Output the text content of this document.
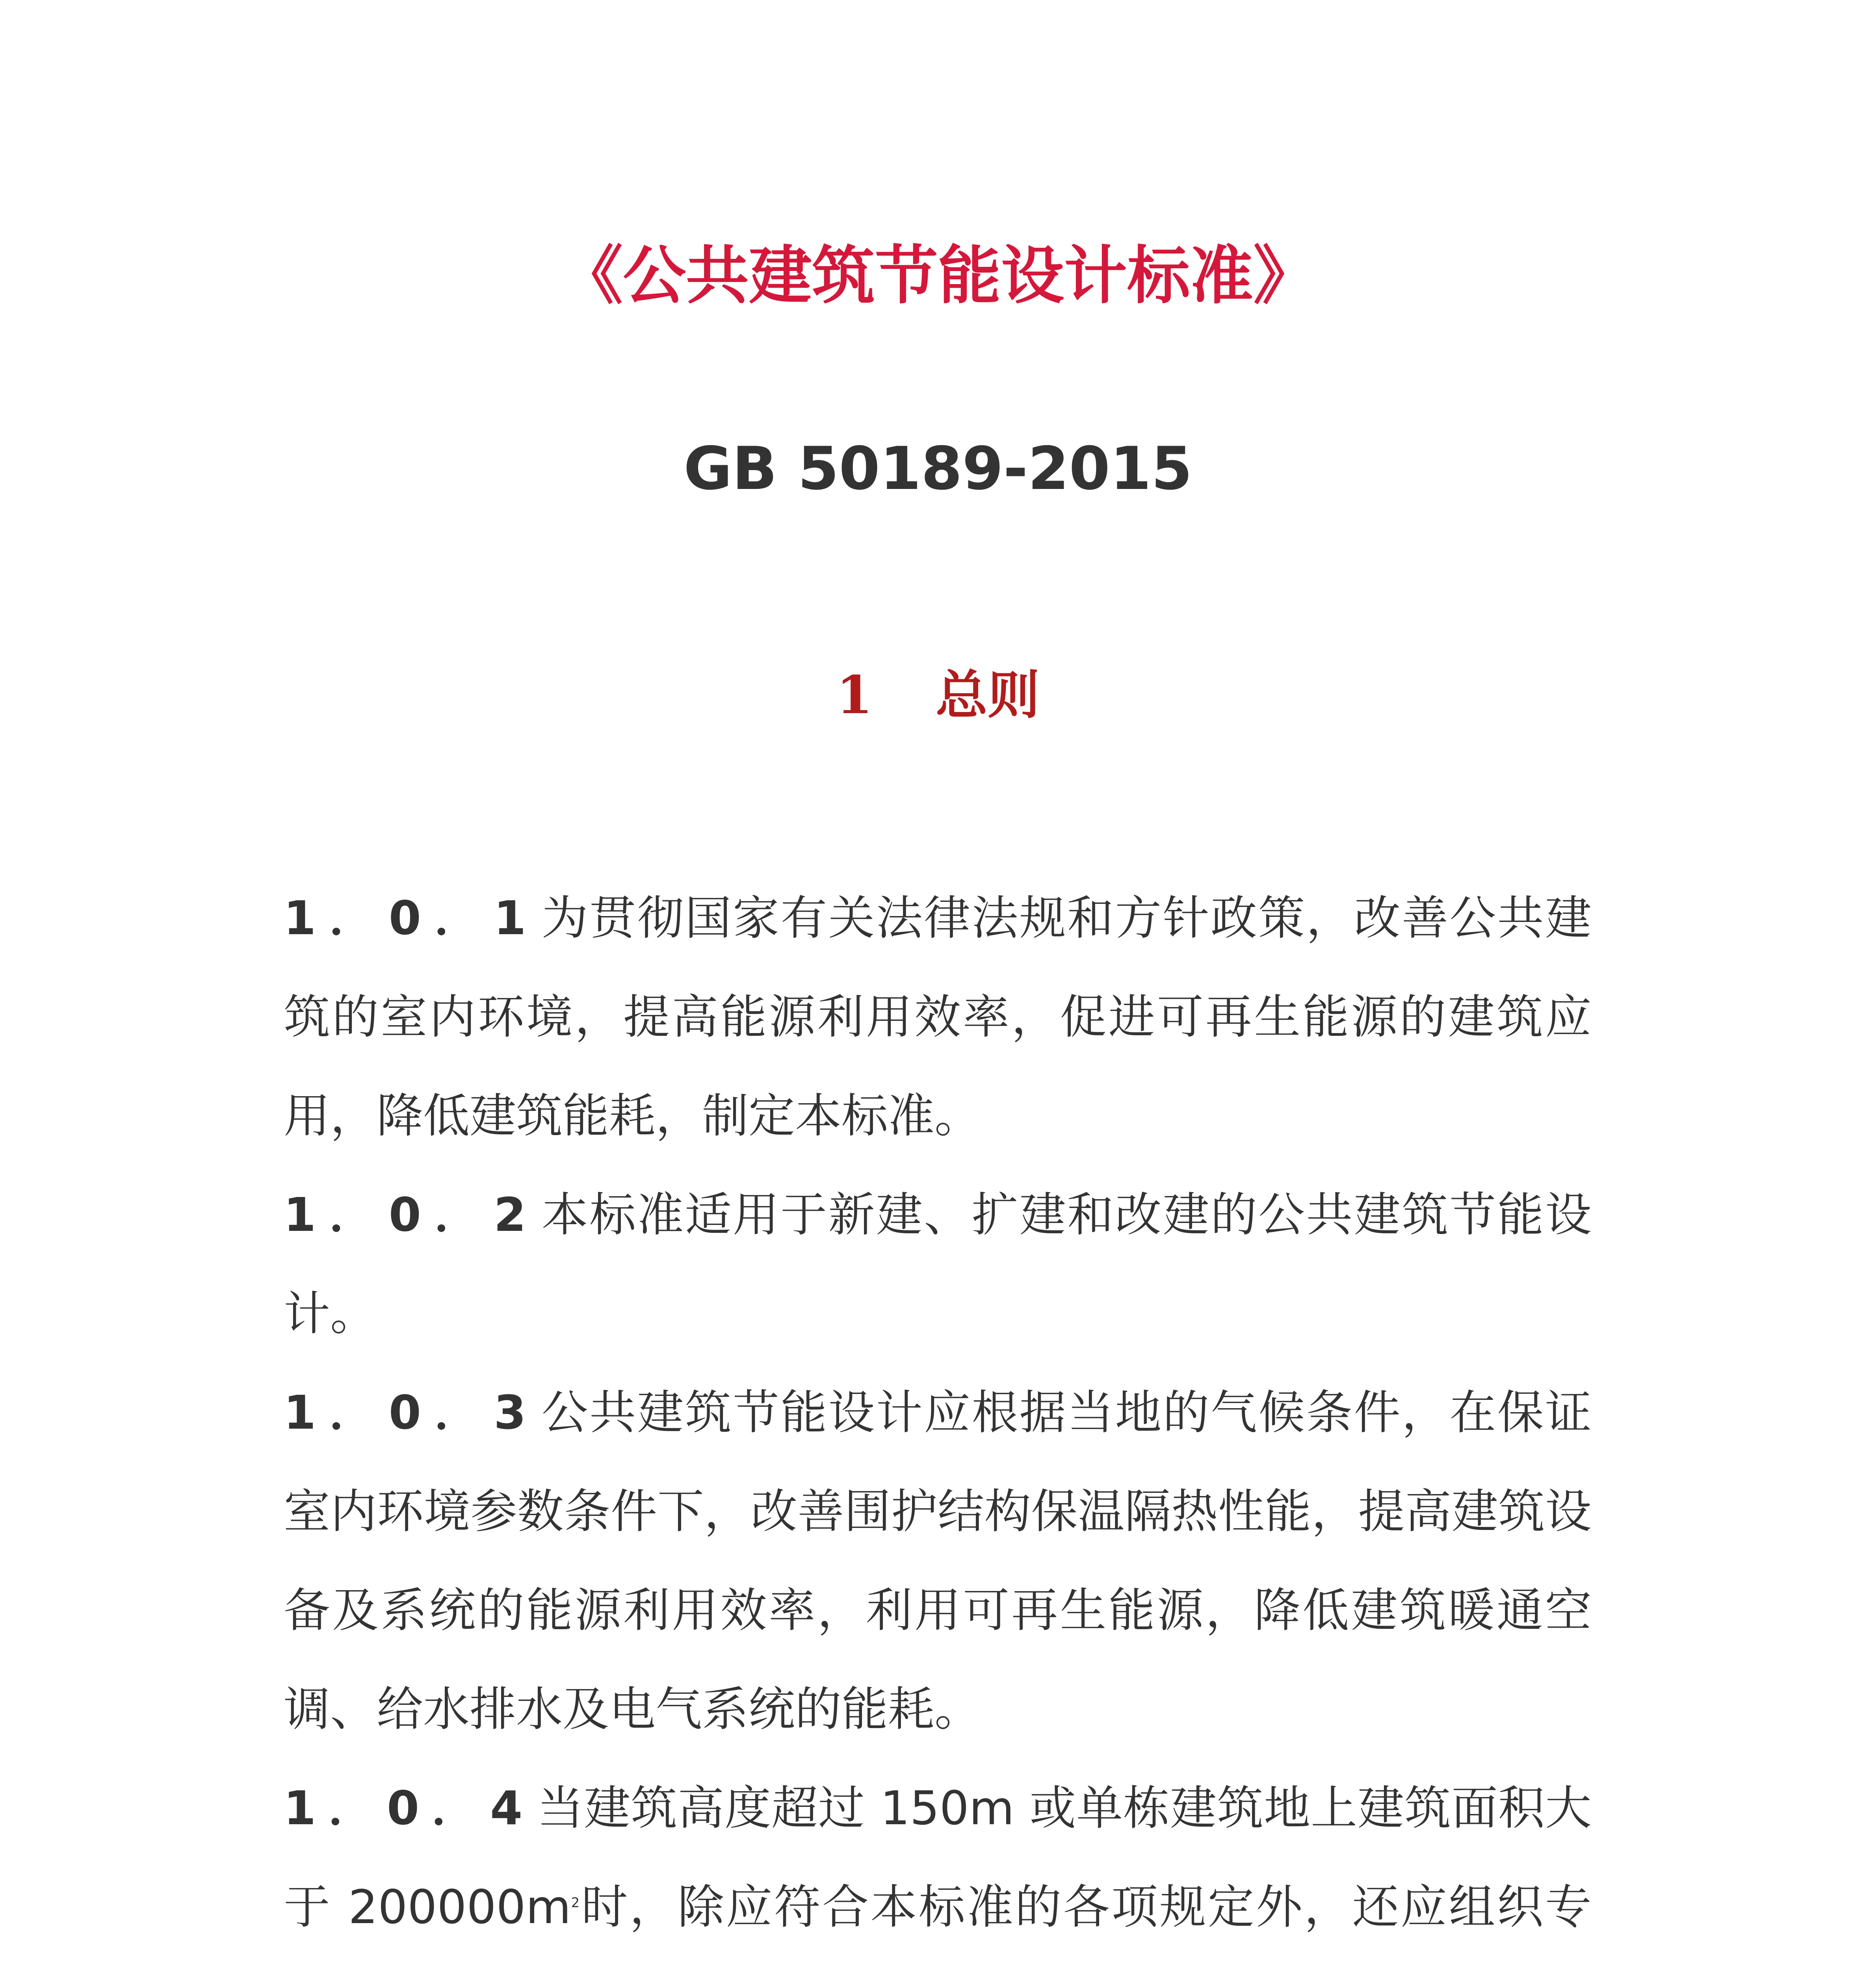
《公共建筑节能设计标准》
GB 50189-2015
1 总则

1．0．1为贯彻国家有关法律法规和方针政策，改善公共建筑的室内环境，提高能源利用效率，促进可再生能源的建筑应用，降低建筑能耗，制定本标准。

1．0．2本标准适用于新建、扩建和改建的公共建筑节能设计。

1．0．3公共建筑节能设计应根据当地的气候条件，在保证室内环境参数条件下，改善围护结构保温隔热性能，提高建筑设备及系统的能源利用效率，利用可再生能源，降低建筑暖通空调、给水排水及电气系统的能耗。

1．0．4当建筑高度超过 150m 或单栋建筑地上建筑面积大于 $200000m^2$时，除应符合本标准的各项规定外，还应组织专
